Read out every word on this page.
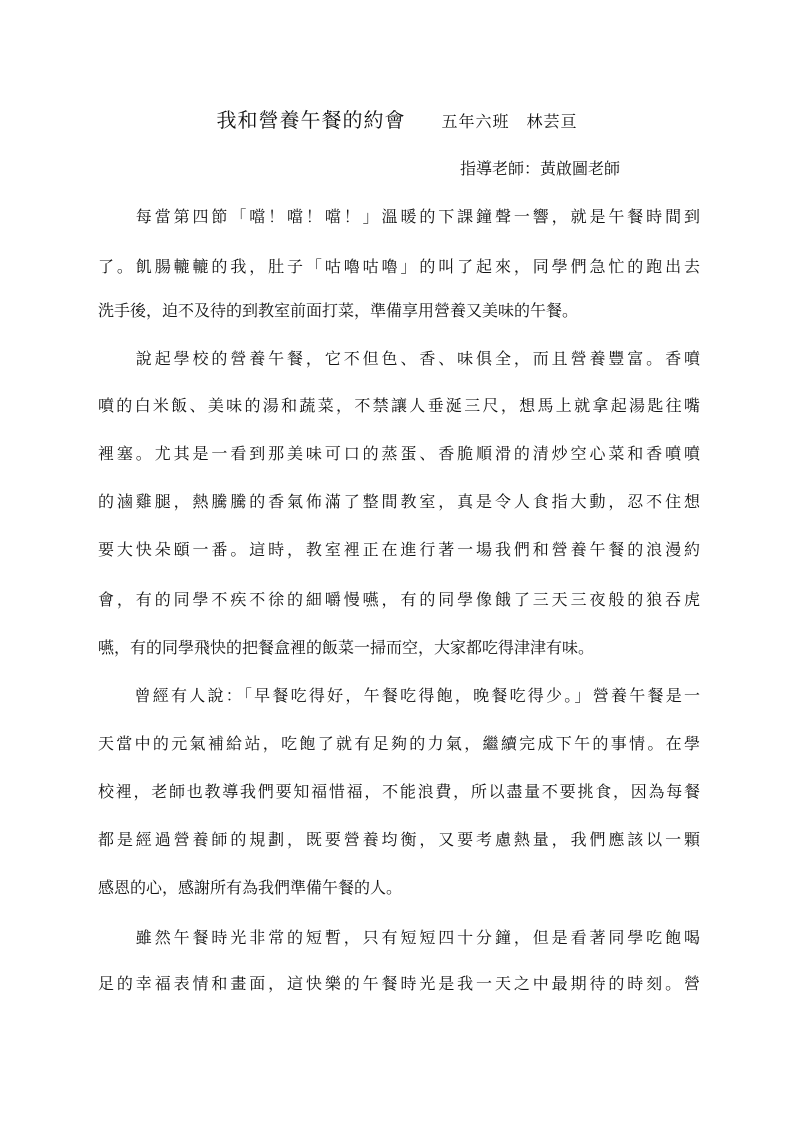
我和營養午餐的約會 五年六班　林芸亘
指導老師：黃啟圖老師
　　每當第四節「噹！噹！噹！」溫暖的下課鐘聲一響，就是午餐時間到
了。飢腸轆轆的我，肚子「咕嚕咕嚕」的叫了起來，同學們急忙的跑出去
洗手後，迫不及待的到教室前面打菜，準備享用營養又美味的午餐。
　　說起學校的營養午餐，它不但色、香、味俱全，而且營養豐富。香噴
噴的白米飯、美味的湯和蔬菜，不禁讓人垂涎三尺，想馬上就拿起湯匙往嘴
裡塞。尤其是一看到那美味可口的蒸蛋、香脆順滑的清炒空心菜和香噴噴
的滷雞腿，熱騰騰的香氣佈滿了整間教室，真是令人食指大動，忍不住想
要大快朵頤一番。這時，教室裡正在進行著一場我們和營養午餐的浪漫約
會，有的同學不疾不徐的細嚼慢嚥，有的同學像餓了三天三夜般的狼吞虎
嚥，有的同學飛快的把餐盒裡的飯菜一掃而空，大家都吃得津津有味。
　　曾經有人說：「早餐吃得好，午餐吃得飽，晚餐吃得少。」營養午餐是一
天當中的元氣補給站，吃飽了就有足夠的力氣，繼續完成下午的事情。在學
校裡，老師也教導我們要知福惜福，不能浪費，所以盡量不要挑食，因為每餐
都是經過營養師的規劃，既要營養均衡，又要考慮熱量，我們應該以一顆
感恩的心，感謝所有為我們準備午餐的人。
　　雖然午餐時光非常的短暫，只有短短四十分鐘，但是看著同學吃飽喝
足的幸福表情和畫面，這快樂的午餐時光是我一天之中最期待的時刻。營
